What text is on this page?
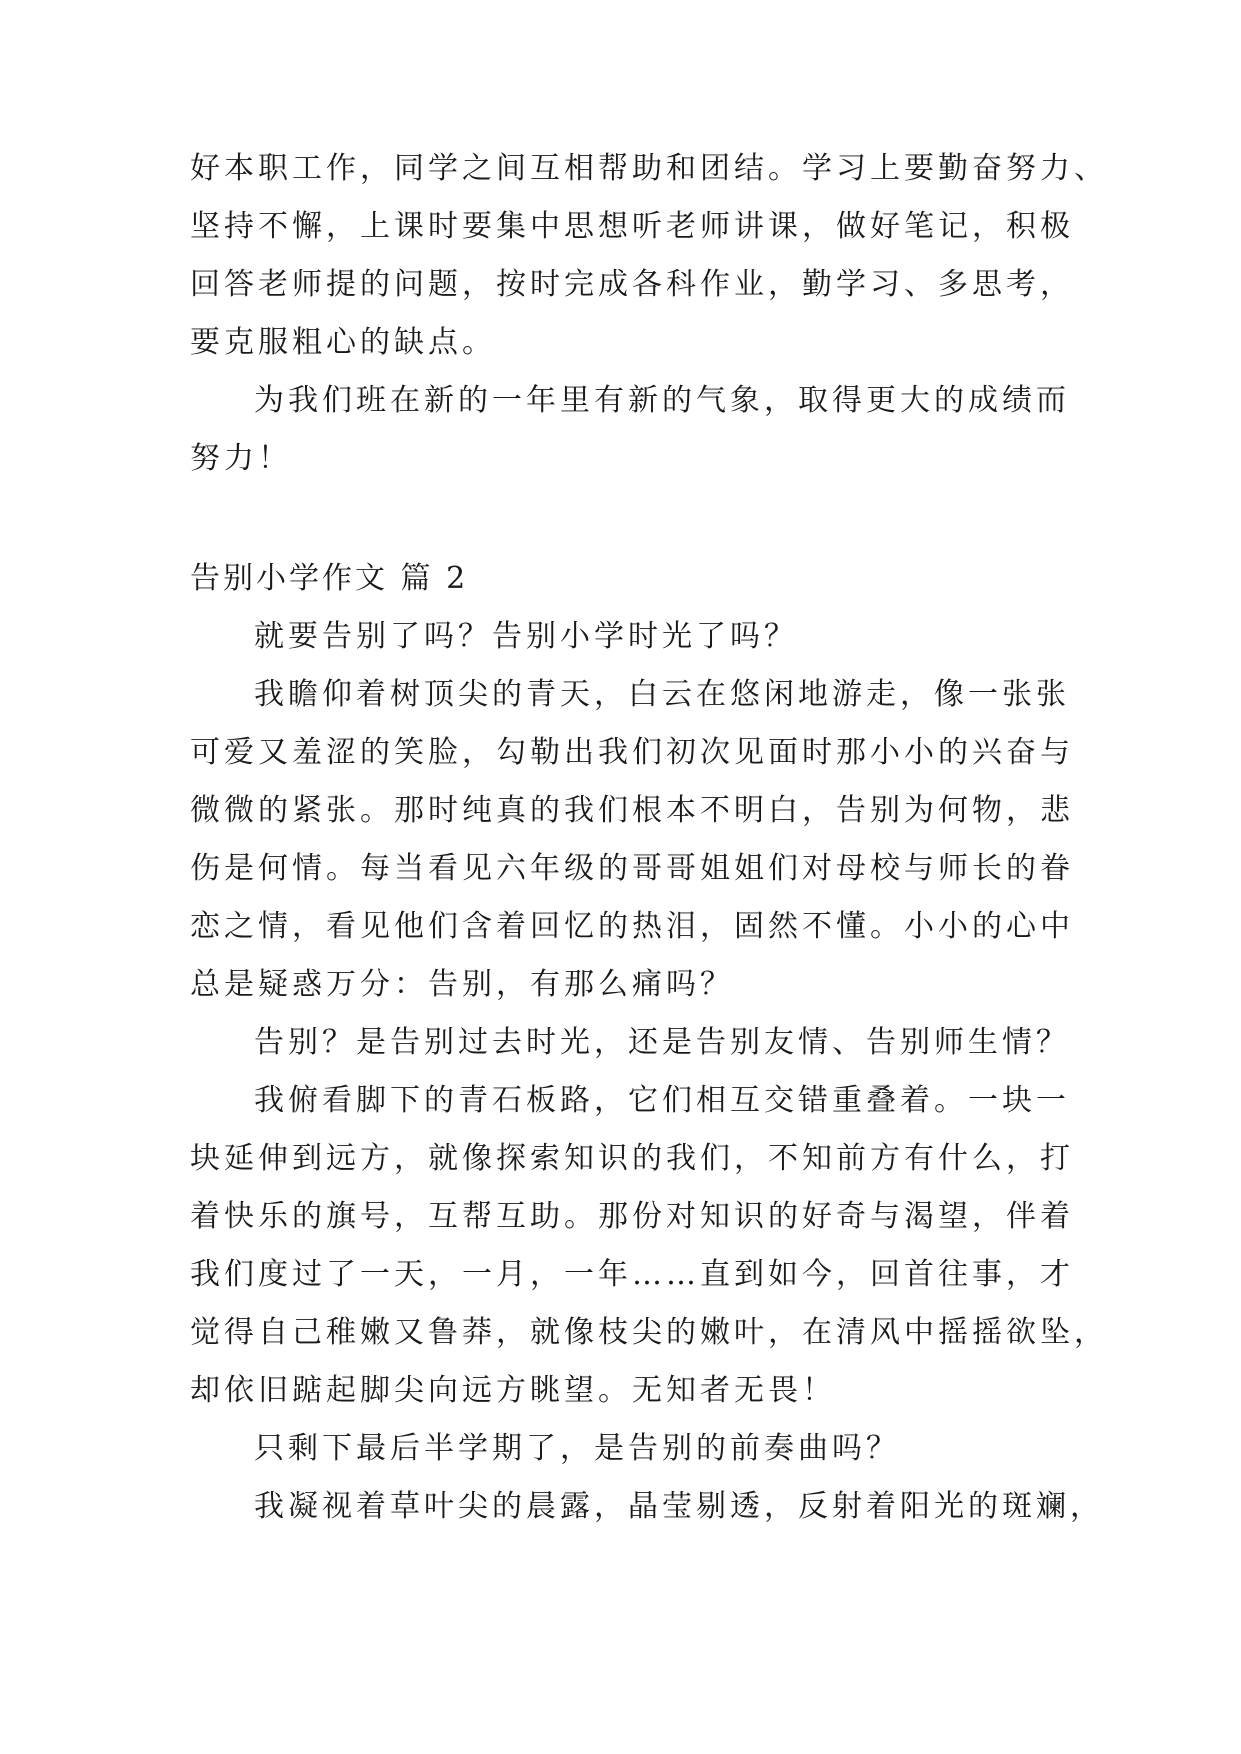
好本职工作，同学之间互相帮助和团结。学习上要勤奋努力、
坚持不懈，上课时要集中思想听老师讲课，做好笔记，积极
回答老师提的问题，按时完成各科作业，勤学习、多思考，
要克服粗心的缺点。
为我们班在新的一年里有新的气象，取得更大的成绩而
努力！
告别小学作文 篇 2
就要告别了吗？告别小学时光了吗？
我瞻仰着树顶尖的青天，白云在悠闲地游走，像一张张
可爱又羞涩的笑脸，勾勒出我们初次见面时那小小的兴奋与
微微的紧张。那时纯真的我们根本不明白，告别为何物，悲
伤是何情。每当看见六年级的哥哥姐姐们对母校与师长的眷
恋之情，看见他们含着回忆的热泪，固然不懂。小小的心中
总是疑惑万分：告别，有那么痛吗？
告别？是告别过去时光，还是告别友情、告别师生情？
我俯看脚下的青石板路，它们相互交错重叠着。一块一
块延伸到远方，就像探索知识的我们，不知前方有什么，打
着快乐的旗号，互帮互助。那份对知识的好奇与渴望，伴着
我们度过了一天，一月，一年……直到如今，回首往事，才
觉得自己稚嫩又鲁莽，就像枝尖的嫩叶，在清风中摇摇欲坠，
却依旧踮起脚尖向远方眺望。无知者无畏！
只剩下最后半学期了，是告别的前奏曲吗？
我凝视着草叶尖的晨露，晶莹剔透，反射着阳光的斑斓，
